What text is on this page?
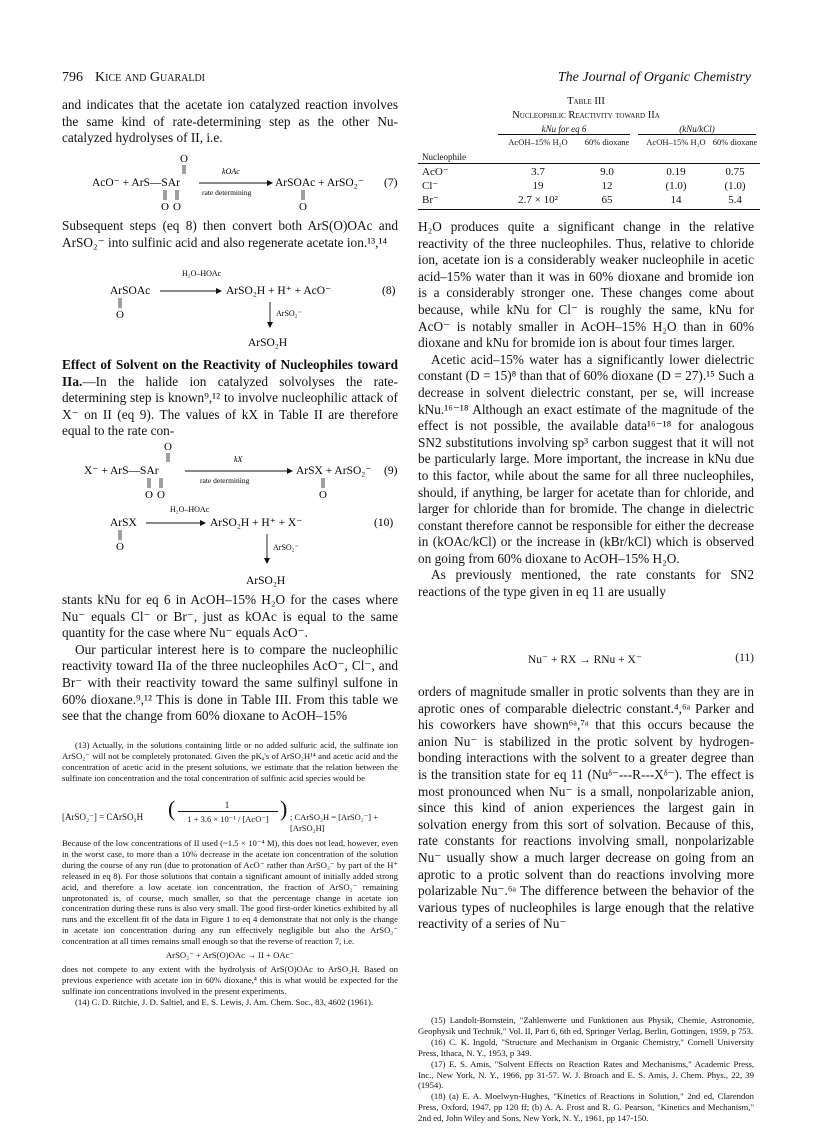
796 Kice and Guaraldi	The Journal of Organic Chemistry

and indicates that the acetate ion catalyzed reaction involves the same kind of rate-determining step as the other Nu-catalyzed hydrolyses of II, i.e.

O
AcO⁻ + ArS—SAr
kOAc
rate determining
ArSOAc + ArSO₂⁻ (7)
O O	O

Subsequent steps (eq 8) then convert both ArS(O)OAc and ArSO₂⁻ into sulfinic acid and also regenerate acetate ion.¹³,¹⁴

H₂O–HOAc
ArSOAc	ArSO₂H + H⁺ + AcO⁻	(8)
O	ArSO₂⁻
ArSO₂H

Effect of Solvent on the Reactivity of Nucleophiles toward IIa.—In the halide ion catalyzed solvolyses the rate-determining step is known⁹,¹² to involve nucleophilic attack of X⁻ on II (eq 9). The values of kX in Table II are therefore equal to the rate con-

O
X⁻ + ArS—SAr
kX
rate determining
ArSX + ArSO₂⁻ (9)
O O	O
H₂O–HOAc
ArSX	ArSO₂H + H⁺ + X⁻	(10)
O	ArSO₂⁻
ArSO₂H

stants kNu for eq 6 in AcOH–15% H₂O for the cases where Nu⁻ equals Cl⁻ or Br⁻, just as kOAc is equal to the same quantity for the case where Nu⁻ equals AcO⁻.

Our particular interest here is to compare the nucleophilic reactivity toward IIa of the three nucleophiles AcO⁻, Cl⁻, and Br⁻ with their reactivity toward the same sulfinyl sulfone in 60% dioxane.⁹,¹² This is done in Table III. From this table we see that the change from 60% dioxane to AcOH–15%

(13) Actually, in the solutions containing little or no added sulfuric acid, the sulfinate ion ArSO₂⁻ will not be completely protonated. Given the pKₐ's of ArSO₂H¹⁴ and acetic acid and the concentration of acetic acid in the present solutions, we estimate that the relation between the sulfinate ion concentration and the total concentration of sulfinic acid species would be

[ArSO₂⁻] = CArSO₂H (	1
1 + 3.6 × 10⁻¹ / [AcO⁻] ) ; CArSO₂H = [ArSO₂⁻] + [ArSO₂H]

Because of the low concentrations of II used (~1.5 × 10⁻⁴ M), this does not lead, however, even in the worst case, to more than a 10% decrease in the acetate ion concentration of the solution during the course of any run (due to protonation of AcO⁻ rather than ArSO₂⁻ by part of the H⁺ released in eq 8). For those solutions that contain a significant amount of initially added strong acid, and therefore a low acetate ion concentration, the fraction of ArSO₂⁻ remaining unprotonated is, of course, much smaller, so that the percentage change in acetate ion concentration during these runs is also very small. The good first-order kinetics exhibited by all runs and the excellent fit of the data in Figure 1 to eq 4 demonstrate that not only is the change in acetate ion concentration during any run effectively negligible but also the ArSO₂⁻ concentration at all times remains small enough so that the reverse of reaction 7, i.e.

ArSO₂⁻ + ArS(O)OAc → II + OAc⁻

does not compete to any extent with the hydrolysis of ArS(O)OAc to ArSO₂H. Based on previous experience with acetate ion in 60% dioxane,⁴ this is what would be expected for the sulfinate ion concentrations involved in the present experiments.

(14) C. D. Ritchie, J. D. Saltiel, and E. S. Lewis, J. Am. Chem. Soc., 83, 4602 (1961).

Table III
Nucleophilic Reactivity toward IIa
kNu for eq 6	(kNu/kCl)
Nucleophile
AcOH–15% H₂O	60% dioxane	AcOH–15% H₂O 60% dioxane
AcO⁻	3.7	9.0	0.19	0.75
Cl⁻	19	12	(1.0)	(1.0)
Br⁻	2.7 × 10²	65	14	5.4

H₂O produces quite a significant change in the relative reactivity of the three nucleophiles. Thus, relative to chloride ion, acetate ion is a considerably weaker nucleophile in acetic acid–15% water than it was in 60% dioxane and bromide ion is a considerably stronger one. These changes come about because, while kNu for Cl⁻ is roughly the same, kNu for AcO⁻ is notably smaller in AcOH–15% H₂O than in 60% dioxane and kNu for bromide ion is about four times larger.

Acetic acid–15% water has a significantly lower dielectric constant (D = 15)⁸ than that of 60% dioxane (D = 27).¹⁵ Such a decrease in solvent dielectric constant, per se, will increase kNu.¹⁶⁻¹⁸ Although an exact estimate of the magnitude of the effect is not possible, the available data¹⁶⁻¹⁸ for analogous SN2 substitutions involving sp³ carbon suggest that it will not be particularly large. More important, the increase in kNu due to this factor, while about the same for all three nucleophiles, should, if anything, be larger for acetate than for chloride, and larger for chloride than for bromide. The change in dielectric constant therefore cannot be responsible for either the decrease in (kOAc/kCl) or the increase in (kBr/kCl) which is observed on going from 60% dioxane to AcOH–15% H₂O.

As previously mentioned, the rate constants for SN2 reactions of the type given in eq 11 are usually

Nu⁻ + RX → RNu + X⁻	(11)

orders of magnitude smaller in protic solvents than they are in aprotic ones of comparable dielectric constant.⁴,⁶ᵃ Parker and his coworkers have shown⁶ᵃ,⁷ᵃ that this occurs because the anion Nu⁻ is stabilized in the protic solvent by hydrogen-bonding interactions with the solvent to a greater degree than is the transition state for eq 11 (Nuᵟ⁻---R---Xᵟ⁻). The effect is most pronounced when Nu⁻ is a small, nonpolarizable anion, since this kind of anion experiences the largest gain in solvation energy from this sort of solvation. Because of this, rate constants for reactions involving small, nonpolarizable Nu⁻ usually show a much larger decrease on going from an aprotic to a protic solvent than do reactions involving more polarizable Nu⁻.⁶ᵃ The difference between the behavior of the various types of nucleophiles is large enough that the relative reactivity of a series of Nu⁻

(15) Landolt-Bornstein, "Zahlenwerte und Funktionen aus Physik, Chemie, Astronomie, Geophysik und Technik," Vol. II, Part 6, 6th ed, Springer Verlag, Berlin, Gottingen, 1959, p 753.

(16) C. K. Ingold, "Structure and Mechanism in Organic Chemistry," Cornell University Press, Ithaca, N. Y., 1953, p 349.

(17) E. S. Amis, "Solvent Effects on Reaction Rates and Mechanisms," Academic Press, Inc., New York, N. Y., 1966, pp 31-57. W. J. Broach and E. S. Amis, J. Chem. Phys., 22, 39 (1954).

(18) (a) E. A. Moelwyn-Hughes, "Kinetics of Reactions in Solution," 2nd ed, Clarendon Press, Oxford, 1947, pp 120 ff; (b) A. A. Frost and R. G. Pearson, "Kinetics and Mechanism," 2nd ed, John Wiley and Sons, New York, N. Y., 1961, pp 147-150.
